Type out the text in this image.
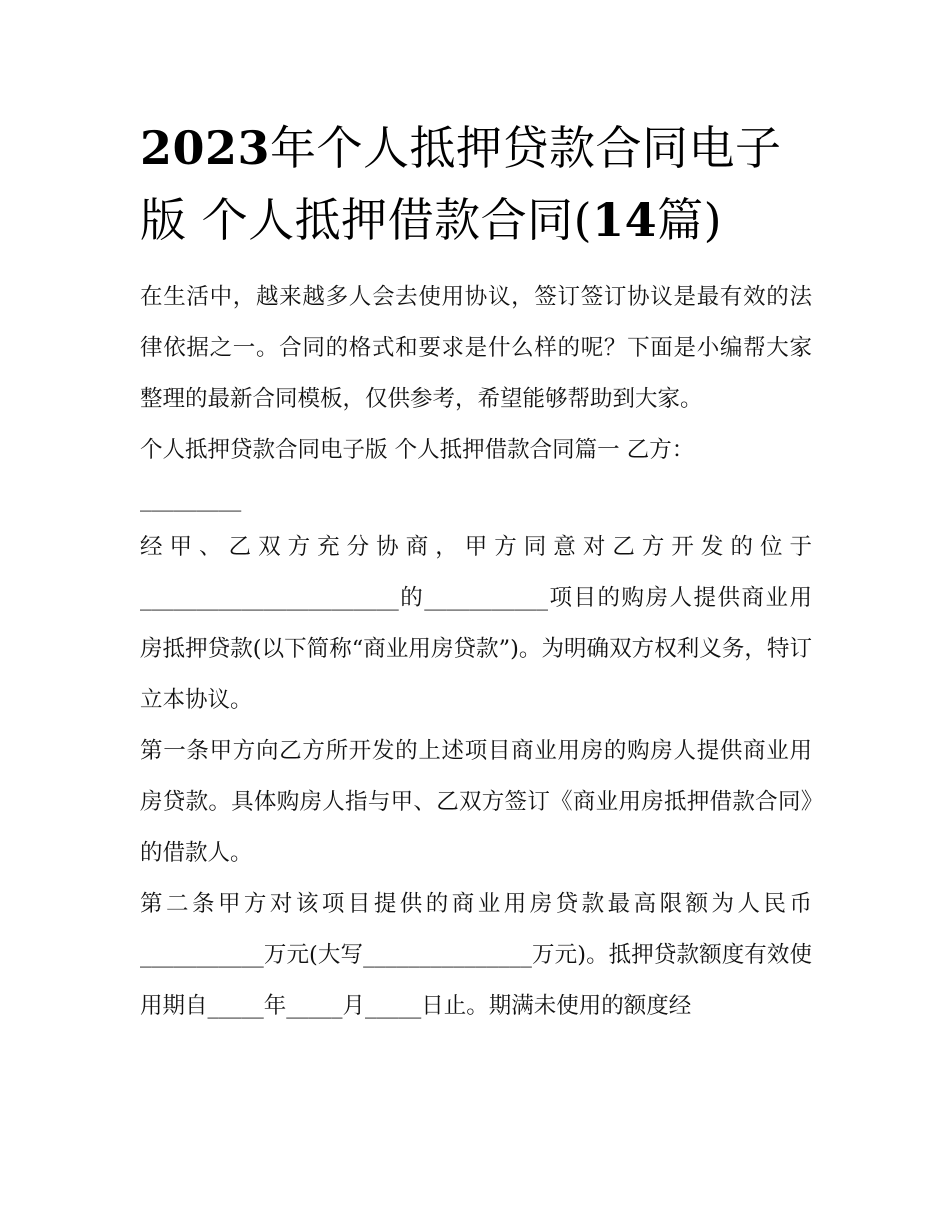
2023年个人抵押贷款合同电子版 个人抵押借款合同(14篇)

在生活中，越来越多人会去使用协议，签订签订协议是最有效的法律依据之一。合同的格式和要求是什么样的呢？下面是小编帮大家整理的最新合同模板，仅供参考，希望能够帮助到大家。

个人抵押贷款合同电子版 个人抵押借款合同篇一 乙方：

_________

经甲、乙双方充分协商，甲方同意对乙方开发的位于_______________________的___________项目的购房人提供商业用房抵押贷款(以下简称“商业用房贷款”)。为明确双方权利义务，特订立本协议。

第一条甲方向乙方所开发的上述项目商业用房的购房人提供商业用房贷款。具体购房人指与甲、乙双方签订《商业用房抵押借款合同》的借款人。

第二条甲方对该项目提供的商业用房贷款最高限额为人民币___________万元(大写_______________万元)。抵押贷款额度有效使用期自_____年_____月_____日止。期满未使用的额度经
